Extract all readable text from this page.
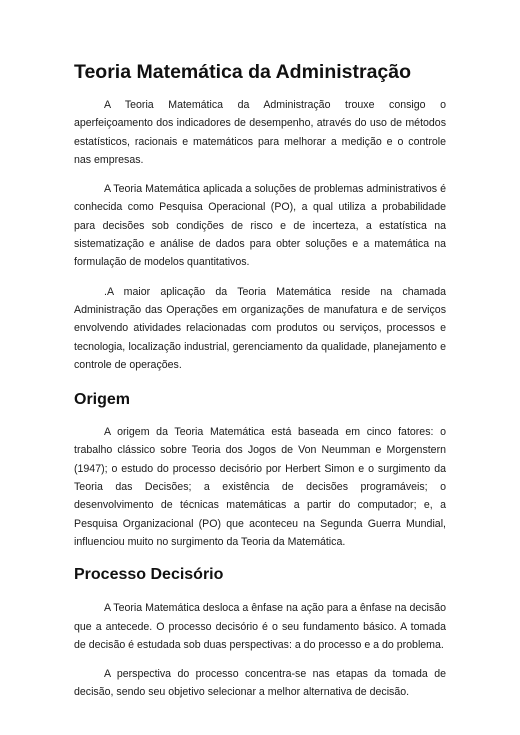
Teoria Matemática da Administração

A Teoria Matemática da Administração trouxe consigo o aperfeiçoamento dos indicadores de desempenho, através do uso de métodos estatísticos, racionais e matemáticos para melhorar a medição e o controle nas empresas.

A Teoria Matemática aplicada a soluções de problemas administrativos é conhecida como Pesquisa Operacional (PO), a qual utiliza a probabilidade para decisões sob condições de risco e de incerteza, a estatística na sistematização e análise de dados para obter soluções e a matemática na formulação de modelos quantitativos.

.A maior aplicação da Teoria Matemática reside na chamada Administração das Operações em organizações de manufatura e de serviços envolvendo atividades relacionadas com produtos ou serviços, processos e tecnologia, localização industrial, gerenciamento da qualidade, planejamento e controle de operações.

Origem

A origem da Teoria Matemática está baseada em cinco fatores: o trabalho clássico sobre Teoria dos Jogos de Von Neumman e Morgenstern (1947); o estudo do processo decisório por Herbert Simon e o surgimento da Teoria das Decisões; a existência de decisões programáveis; o desenvolvimento de técnicas matemáticas a partir do computador; e, a Pesquisa Organizacional (PO) que aconteceu na Segunda Guerra Mundial, influenciou muito no surgimento da Teoria da Matemática.

Processo Decisório

A Teoria Matemática desloca a ênfase na ação para a ênfase na decisão que a antecede. O processo decisório é o seu fundamento básico. A tomada de decisão é estudada sob duas perspectivas: a do processo e a do problema.

A perspectiva do processo concentra-se nas etapas da tomada de decisão, sendo seu objetivo selecionar a melhor alternativa de decisão.
